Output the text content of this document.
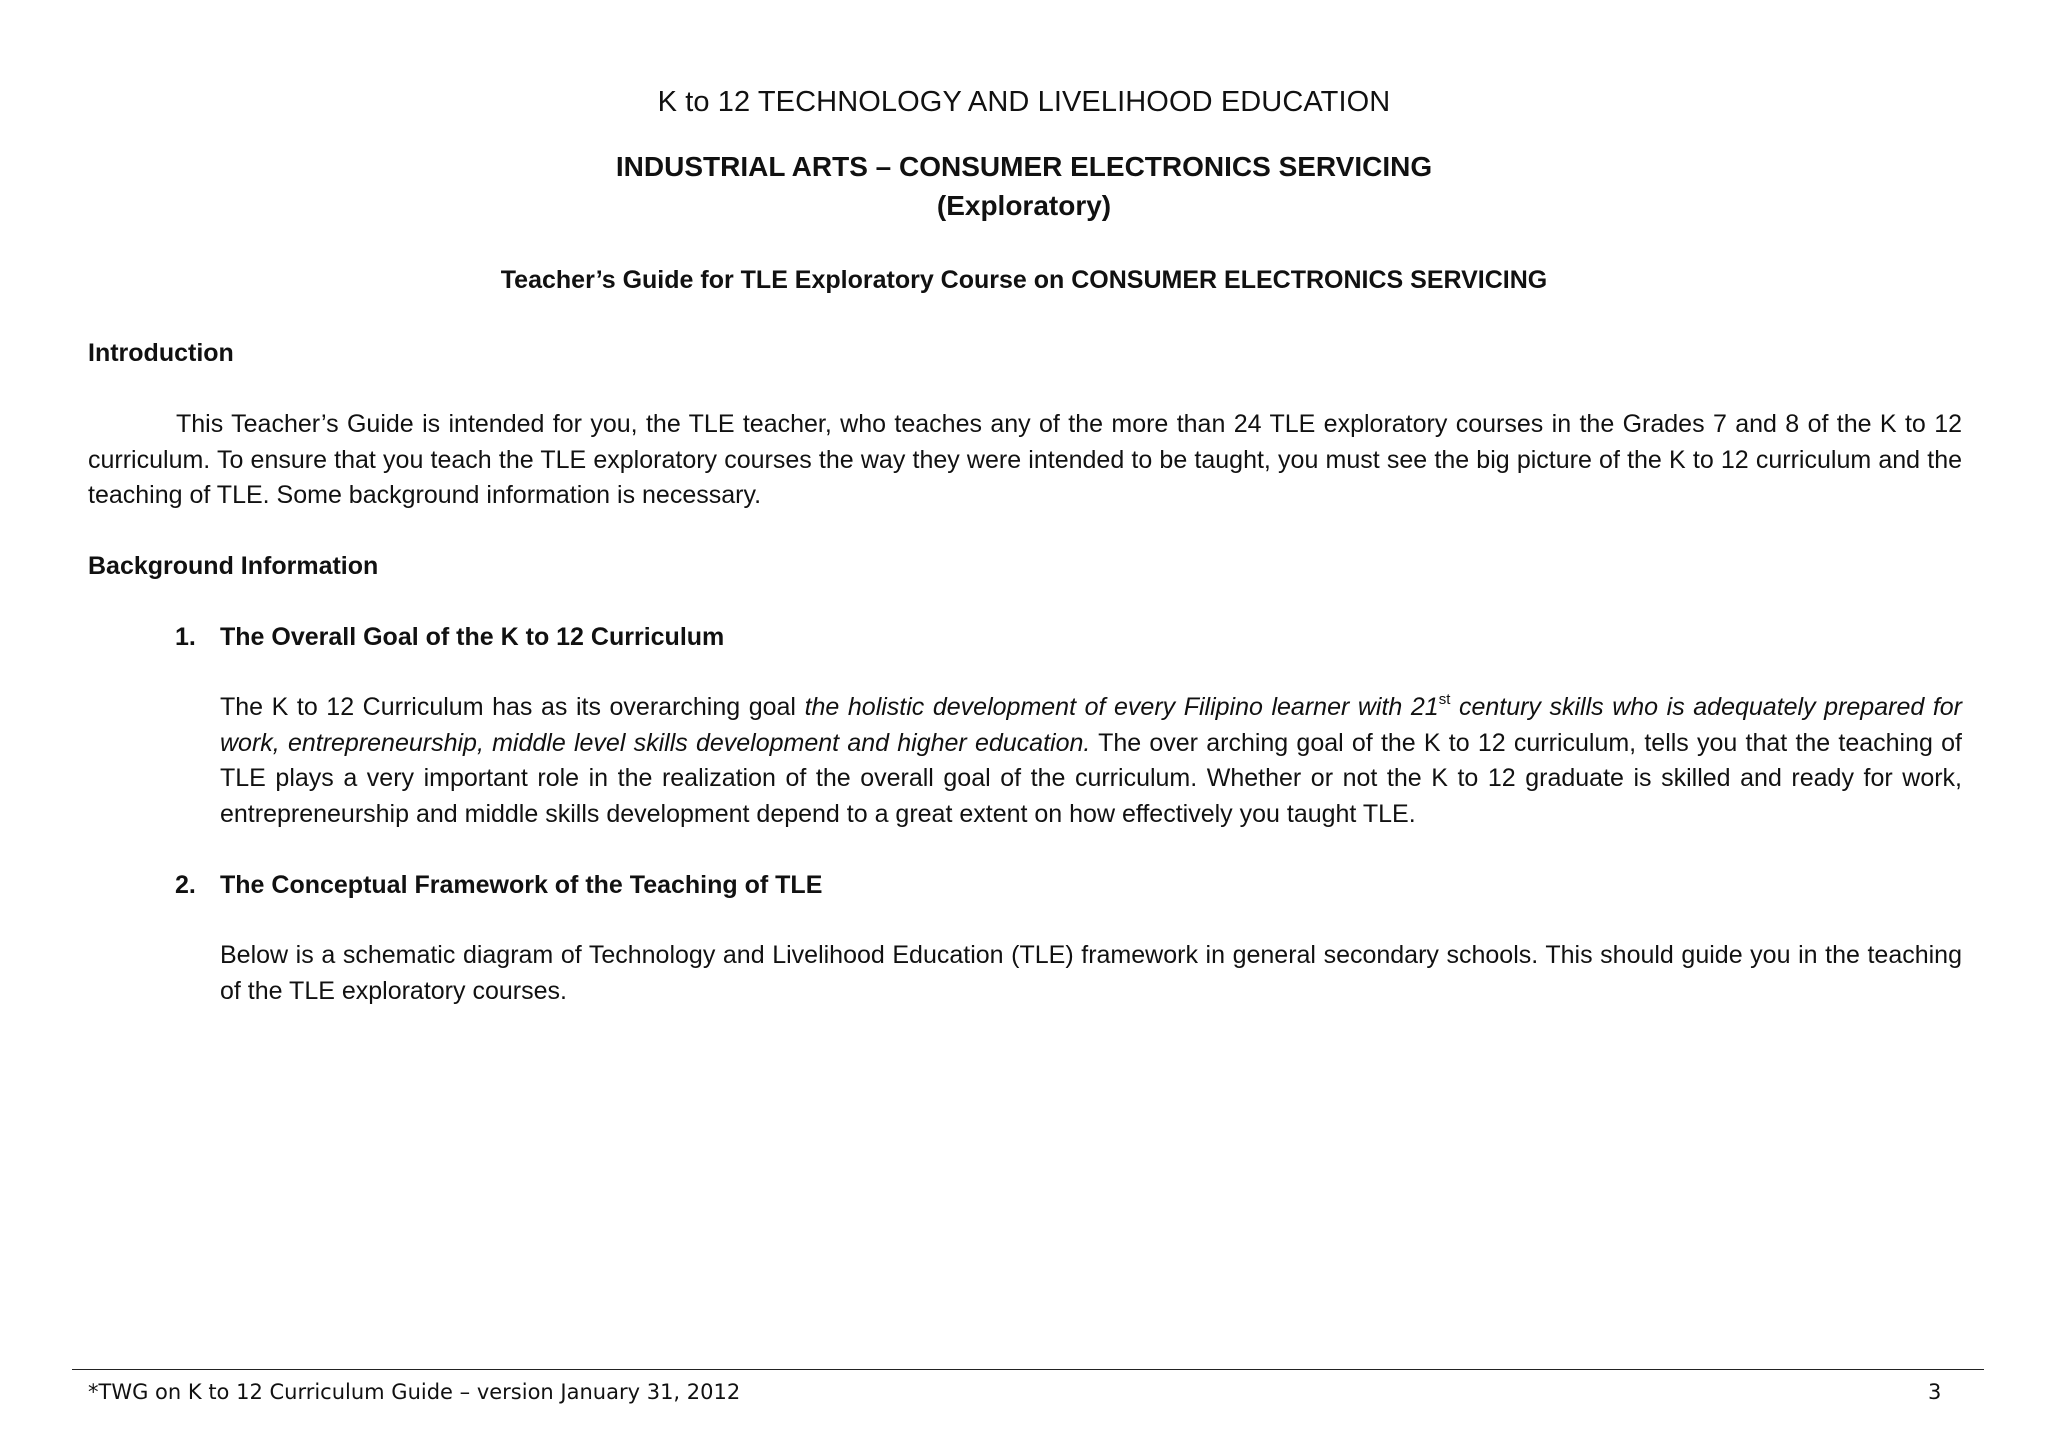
K to 12 TECHNOLOGY AND LIVELIHOOD EDUCATION
INDUSTRIAL ARTS – CONSUMER ELECTRONICS SERVICING
(Exploratory)
Teacher’s Guide for TLE Exploratory Course on CONSUMER ELECTRONICS SERVICING
Introduction

This Teacher’s Guide is intended for you, the TLE teacher, who teaches any of the more than 24 TLE exploratory courses in the Grades 7 and 8 of the K to 12 curriculum. To ensure that you teach the TLE exploratory courses the way they were intended to be taught, you must see the big picture of the K to 12 curriculum and the teaching of TLE. Some background information is necessary.

Background Information
1. The Overall Goal of the K to 12 Curriculum

The K to 12 Curriculum has as its overarching goal the holistic development of every Filipino learner with 21st century skills who is adequately prepared for work, entrepreneurship, middle level skills development and higher education. The over arching goal of the K to 12 curriculum, tells you that the teaching of TLE plays a very important role in the realization of the overall goal of the curriculum. Whether or not the K to 12 graduate is skilled and ready for work, entrepreneurship and middle skills development depend to a great extent on how effectively you taught TLE.

2. The Conceptual Framework of the Teaching of TLE

Below is a schematic diagram of Technology and Livelihood Education (TLE) framework in general secondary schools. This should guide you in the teaching of the TLE exploratory courses.

*TWG on K to 12 Curriculum Guide – version January 31, 2012	3
